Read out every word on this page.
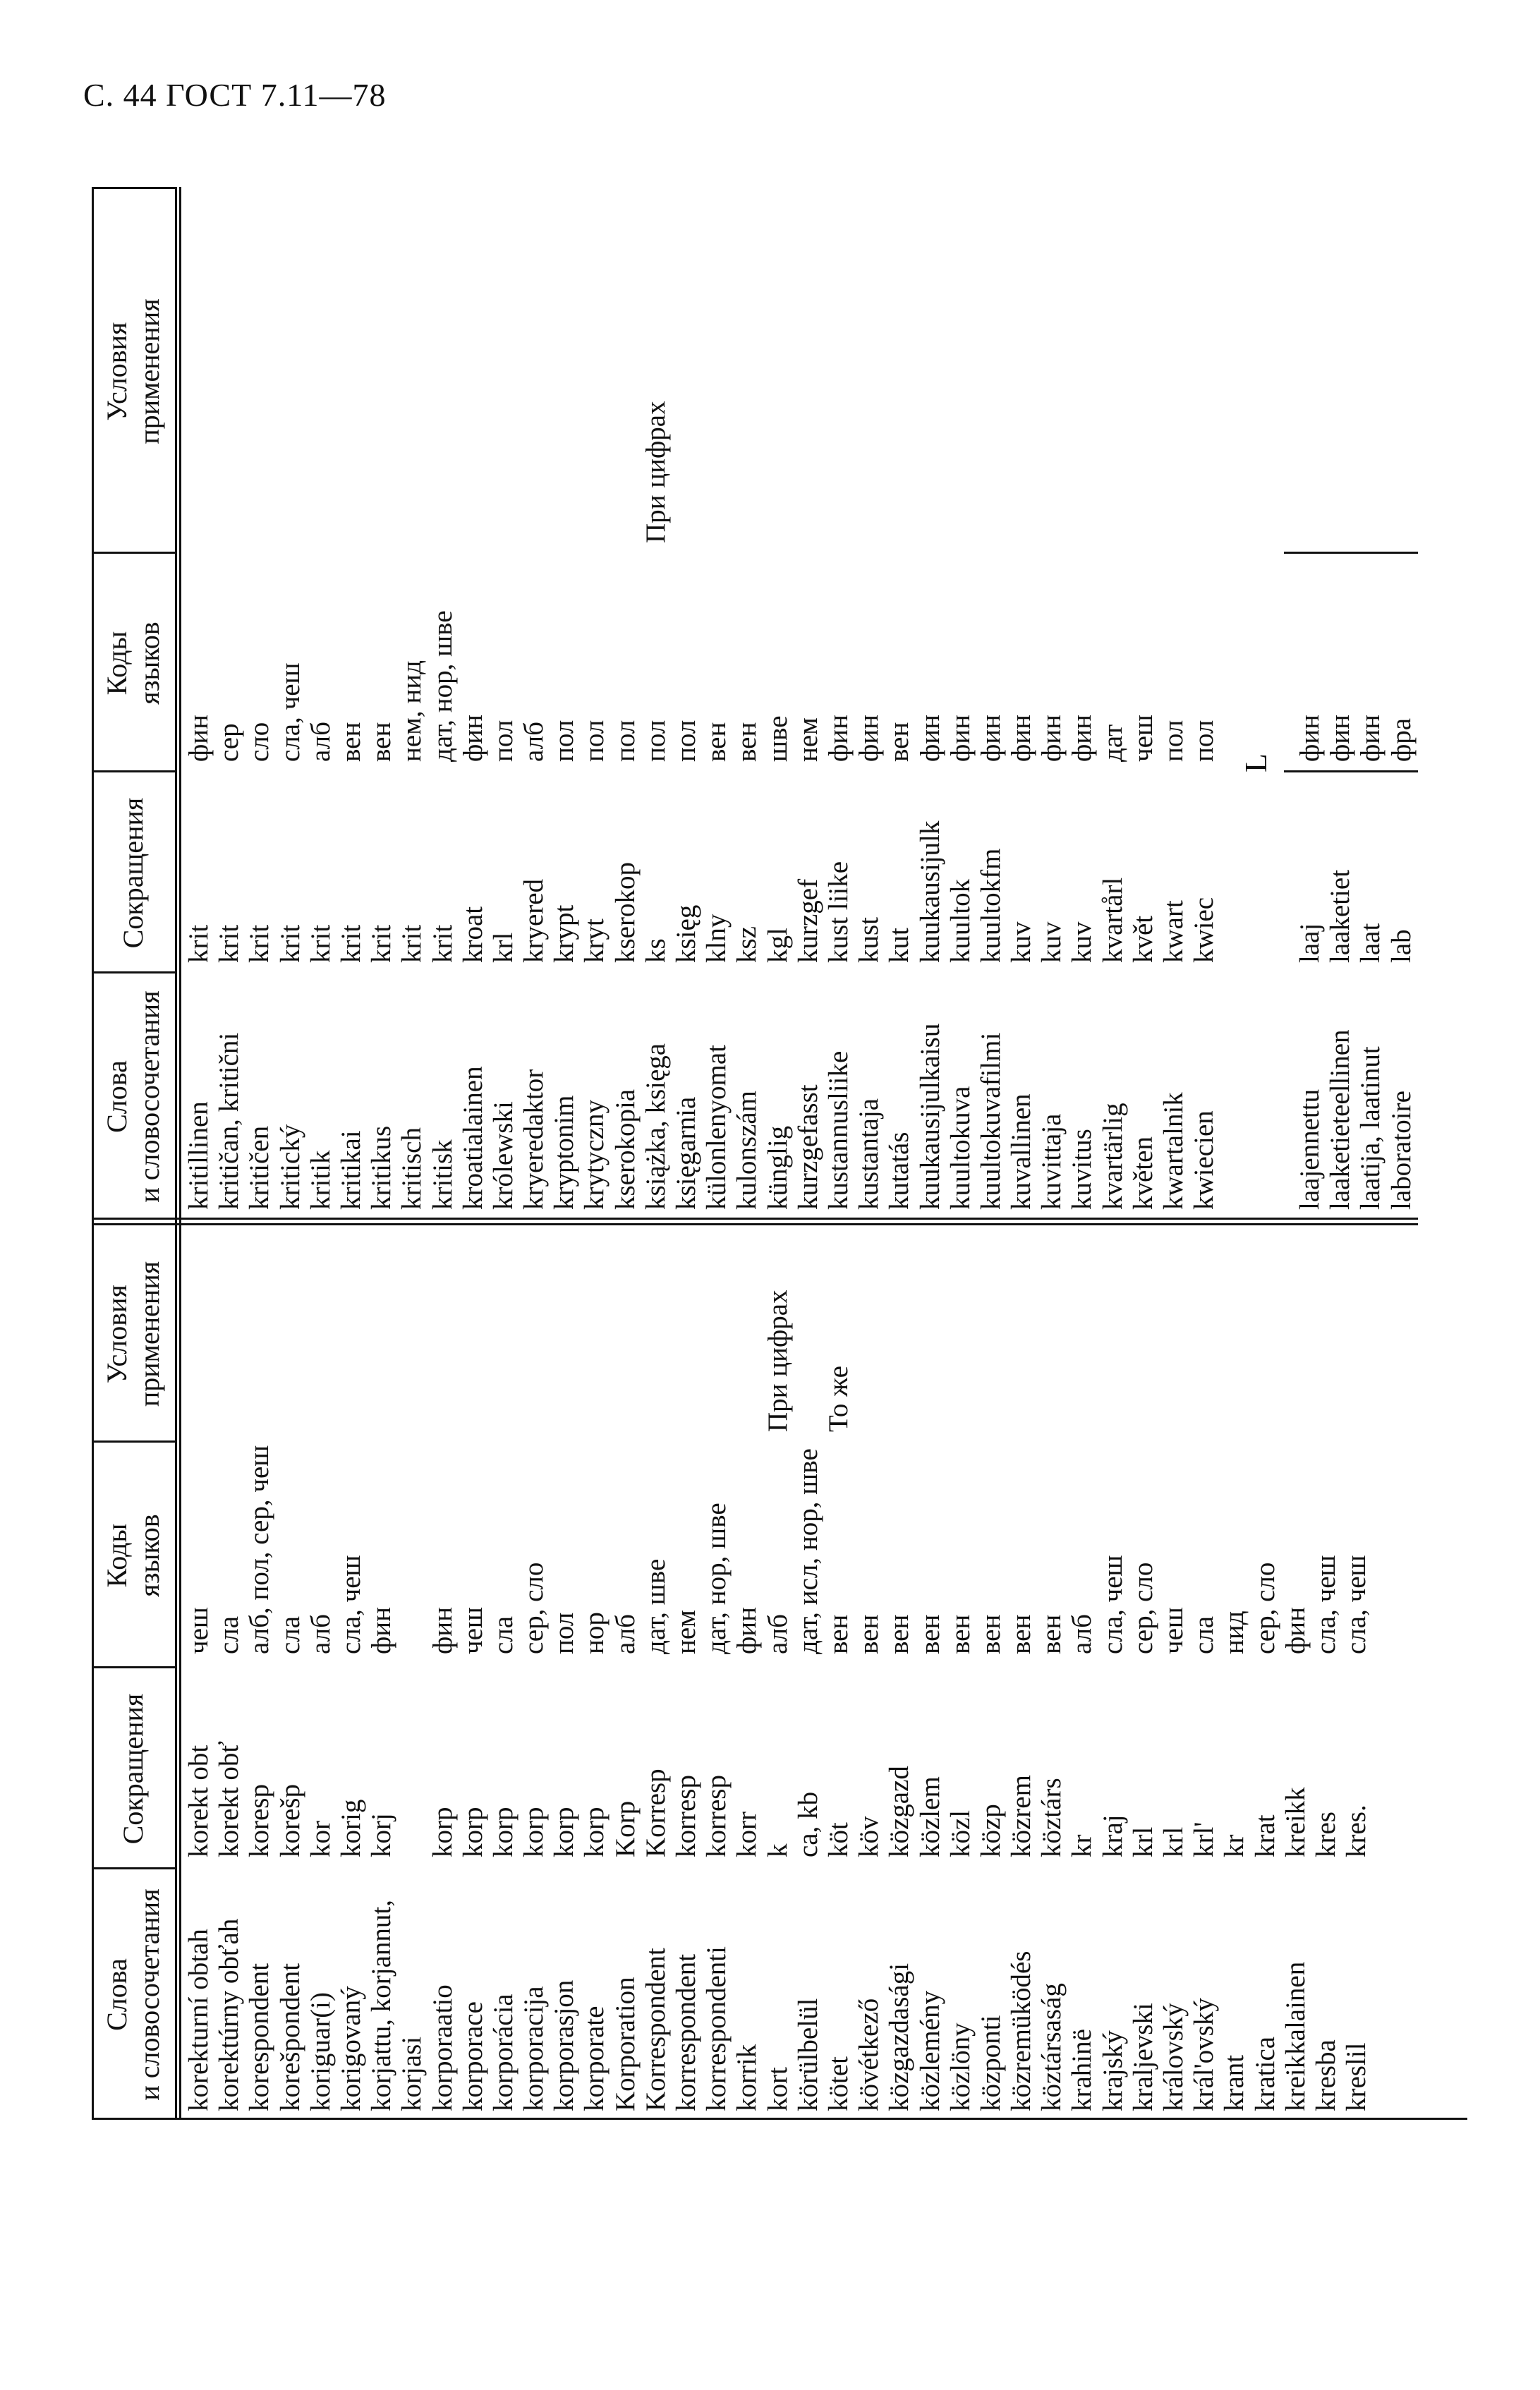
С. 44 ГОСТ 7.11—78
Слова и словосочетания
Сокращения
Коды языков
Условия применения
Слова и словосочетания
Сокращения
Коды языков
Условия применения
korekturní obtah korektúrny obťah korespondent korešpondent koriguar(i) korigovaný korjattu, korjannut, korjasi korporaatio korporace korporácia korporacija korporasjon korporate Korporation Korrespondent korrespondent korrespondenti korrik kort körülbelül kötet kövétkező közgazdasági közlemény közlöny központi közremüködés köztársaság krahinë krajský kraljevski královský král'ovský krant kratica kreikkalainen kresba kreslil
korekt obt korekt obť koresp korešp kor korig korj korp korp korp korp korp korp Korp Korresp korresp korresp korr k ca, kb köt köv közgazd közlem közl közp közrem köztárs kr kraj krl krl krl' kr krat kreikk kres kres.
чеш сла алб, пол, сер, чеш сла алб сла, чеш фин фин чеш сла сер, сло пол нор алб дат, шве нем дат, нор, шве фин алб дат, исл, нор, шве вен вен вен вен вен вен вен вен алб сла, чеш сер, сло чеш сла нид сер, сло фин сла, чеш сла, чеш
При цифрах То же
kritillinen kritičan, kritični kritičen kritický kritik kritikai kritikus kritisch kritisk kroatialainen królewski kryeredaktor kryptonim krytyczny kserokopia książka, księga księgarnia külonlenyomat kulonszám künglig kurzgefasst kustannusliike kustantaja kutatás kuukausijulkaisu kuultokuva kuultokuvafilmi kuvallinen kuvittaja kuvitus kvartärlig květen kwartalnik kwiecien
krit krit krit krit krit krit krit krit krit kroat krl kryered krypt kryt kserokop ks księg klny ksz kgl kurzgef kust liike kust kut kuukausijulk kuultok kuultokfm kuv kuv kuv kvartårl květ kwart kwiec
фин сер сло сла, чеш алб вен вен нем, нид дат, нор, шве фин пол алб пол пол пол пол пол вен вен шве нем фин фин вен фин фин фин фин фин фин дат чеш пол пол
При цифрах
L
laajennettu laaketieteellinen laatija, laatinut laboratoire
laaj laaketiet laat lab
фин фин фин фра
